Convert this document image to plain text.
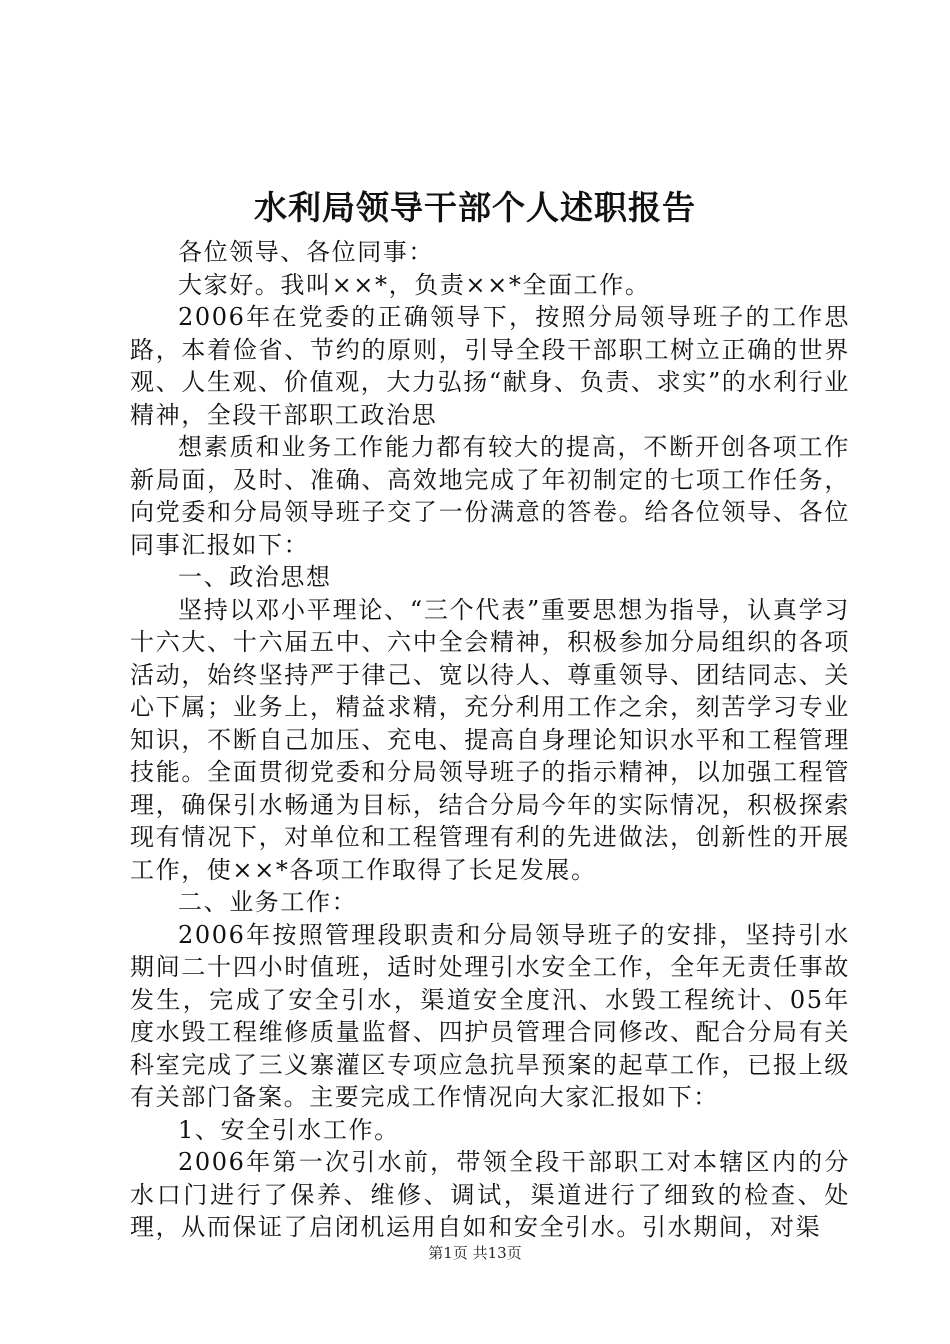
水利局领导干部个人述职报告

各位领导、各位同事：

大家好。我叫××*，负责××*全面工作。

2006年在党委的正确领导下，按照分局领导班子的工作思路，本着俭省、节约的原则，引导全段干部职工树立正确的世界观、人生观、价值观，大力弘扬“献身、负责、求实”的水利行业精神，全段干部职工政治思

想素质和业务工作能力都有较大的提高，不断开创各项工作新局面，及时、准确、高效地完成了年初制定的七项工作任务，向党委和分局领导班子交了一份满意的答卷。给各位领导、各位同事汇报如下：

一、政治思想

坚持以邓小平理论、“三个代表”重要思想为指导，认真学习十六大、十六届五中、六中全会精神，积极参加分局组织的各项活动，始终坚持严于律己、宽以待人、尊重领导、团结同志、关心下属；业务上，精益求精，充分利用工作之余，刻苦学习专业知识，不断自己加压、充电、提高自身理论知识水平和工程管理技能。全面贯彻党委和分局领导班子的指示精神，以加强工程管理，确保引水畅通为目标，结合分局今年的实际情况，积极探索现有情况下，对单位和工程管理有利的先进做法，创新性的开展工作，使××*各项工作取得了长足发展。

二、业务工作：

2006年按照管理段职责和分局领导班子的安排，坚持引水期间二十四小时值班，适时处理引水安全工作，全年无责任事故发生，完成了安全引水，渠道安全度汛、水毁工程统计、05年度水毁工程维修质量监督、四护员管理合同修改、配合分局有关科室完成了三义寨灌区专项应急抗旱预案的起草工作，已报上级有关部门备案。主要完成工作情况向大家汇报如下：

1、安全引水工作。

2006年第一次引水前，带领全段干部职工对本辖区内的分水口门进行了保养、维修、调试，渠道进行了细致的检查、处理，从而保证了启闭机运用自如和安全引水。引水期间，对渠

第1页 共13页
